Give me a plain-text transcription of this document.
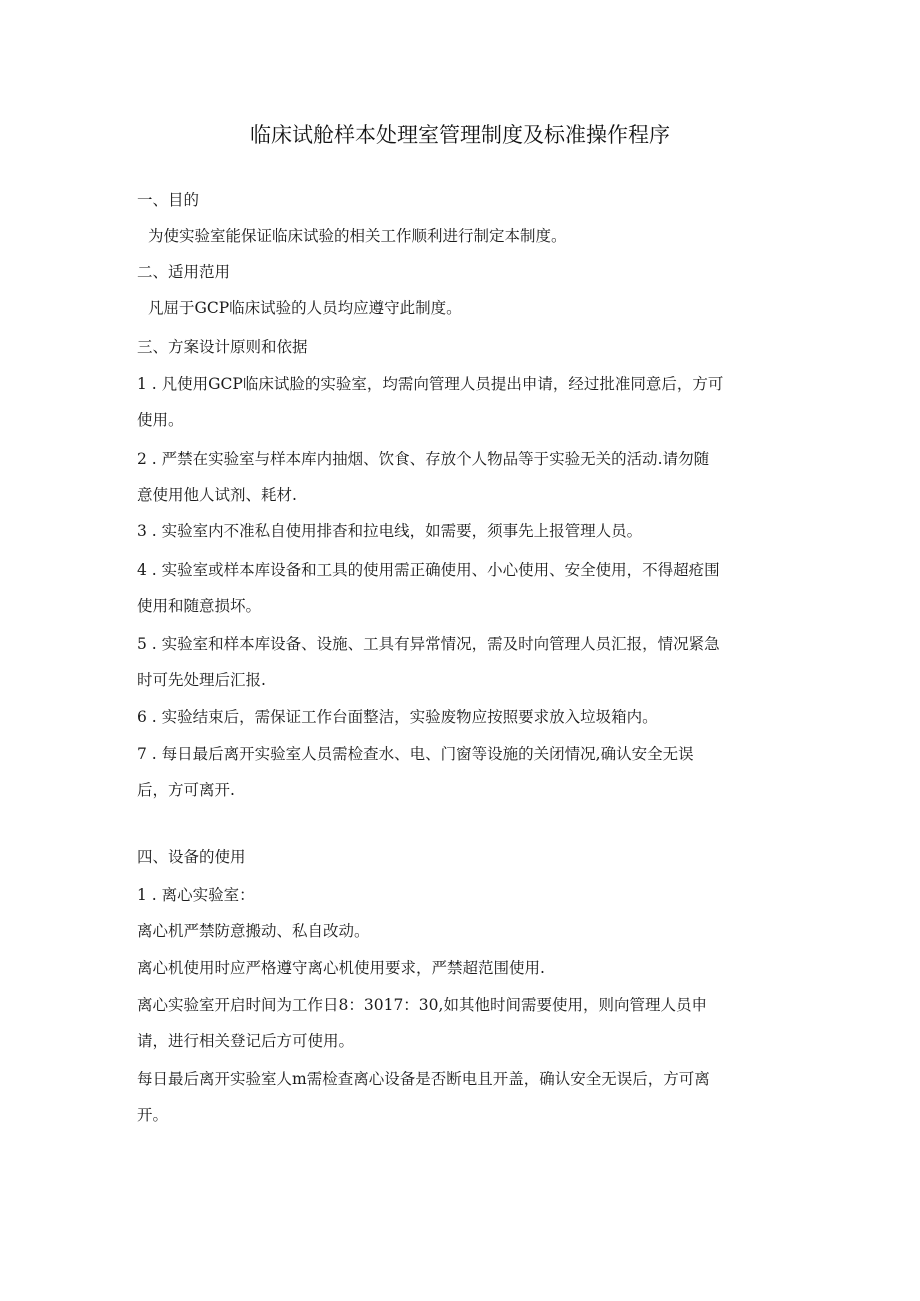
临床试舱样本处理室管理制度及标准操作程序
一、目的
为使实验室能保证临床试验的相关工作顺利进行制定本制度。
二、适用范用
凡屈于GCP临床试验的人员均应遵守此制度。
三、方案设计原则和依据
1 . 凡使用GCP临床试脸的实验室，均需向管理人员提出申请，经过批准同意后，方可
使用。
2 . 严禁在实验室与样本库内抽烟、饮食、存放个人物品等于实验无关的活动.请勿随
意使用他人试剂、耗材.
3 . 实验室内不准私自使用排杳和拉电线，如需要，须事先上报管理人员。
4 . 实验室或样本库设备和工具的使用需正确使用、小心使用、安全使用，不得超疮围
使用和随意损坏。
5 . 实验室和样本库设备、设施、工具有异常情况，需及时向管理人员汇报，情况紧急
时可先处理后汇报.
6 . 实验结束后，需保证工作台面整洁，实验废物应按照要求放入垃圾箱内。
7 . 每日最后离开实验室人员需检查水、电、门窗等设施的关闭情况,确认安全无误
后，方可离开.
四、设备的使用
1 . 离心实验室：
离心机严禁防意搬动、私自改动。
离心机使用时应严格遵守离心机使用要求，严禁超范围使用.
离心实验室开启时间为工作日8：3017：30,如其他时间需要使用，则向管理人员申
请，进行相关登记后方可使用。
每日最后离开实验室人m需检查离心设备是否断电且开盖，确认安全无误后，方可离
开。
